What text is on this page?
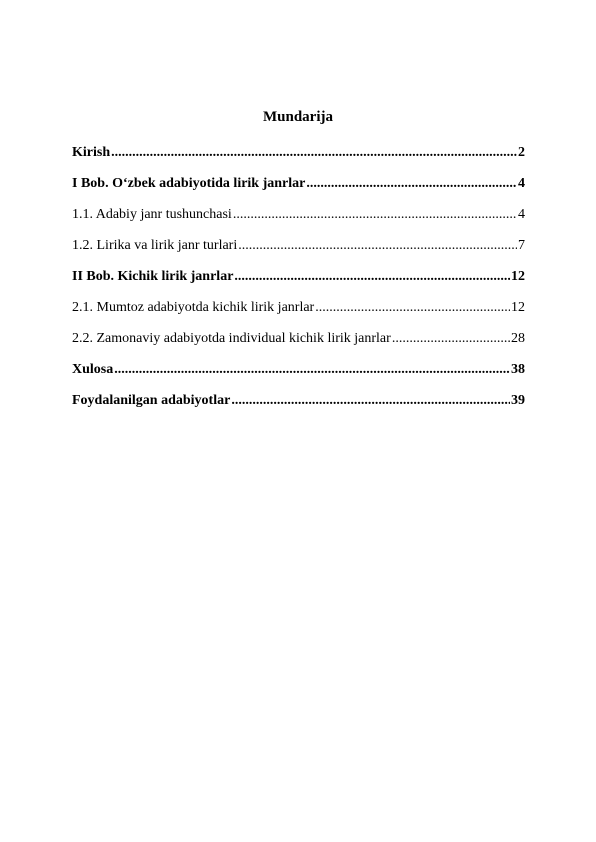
Mundarija
Kirish .....	2
I Bob. O‘zbek adabiyotida lirik janrlar .....	4
1.1. Adabiy janr tushunchasi .....	4
1.2. Lirika va lirik janr turlari .....	7
II Bob. Kichik lirik janrlar .....	12
2.1. Mumtoz adabiyotda kichik lirik janrlar .....	12
2.2. Zamonaviy adabiyotda individual kichik lirik janrlar .....	28
Xulosa .....	38
Foydalanilgan adabiyotlar .....	39
